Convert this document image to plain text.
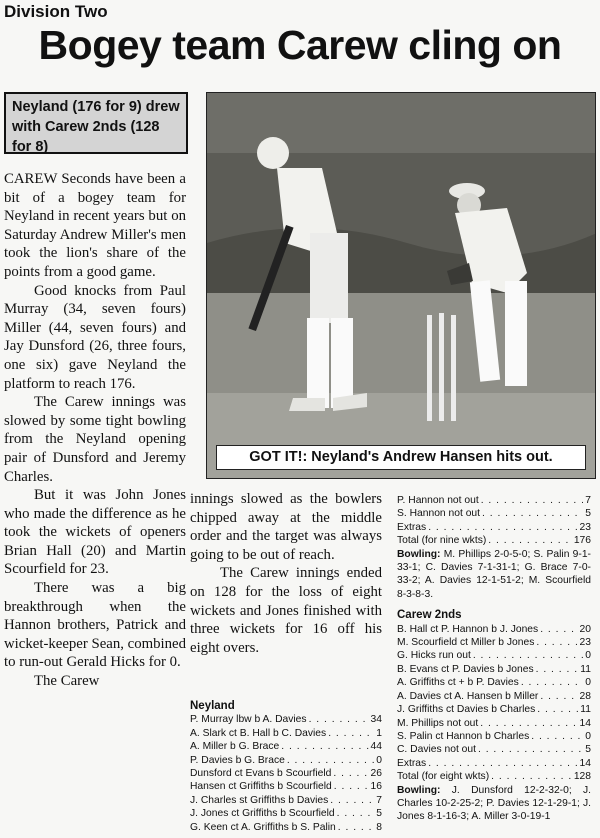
Division Two
Bogey team Carew cling on
Neyland (176 for 9) drew with Carew 2nds (128 for 8)
GOT IT!: Neyland's Andrew Hansen hits out.

CAREW Seconds have been a bit of a bogey team for Neyland in recent years but on Saturday Andrew Miller's men took the lion's share of the points from a good game.

Good knocks from Paul Murray (34, seven fours) Miller (44, seven fours) and Jay Dunsford (26, three fours, one six) gave Neyland the platform to reach 176.

The Carew innings was slowed by some tight bowling from the Neyland opening pair of Dunsford and Jeremy Charles.

But it was John Jones who made the difference as he took the wickets of openers Brian Hall (20) and Martin Scourfield for 23.

There was a big breakthrough when the Hannon brothers, Patrick and wicket-keeper Sean, combined to run-out Gerald Hicks for 0.

The Carew

innings slowed as the bowlers chipped away at the middle order and the target was always going to be out of reach.

The Carew innings ended on 128 for the loss of eight wickets and Jones finished with three wickets for 16 off his eight overs.

Neyland

P. Murray lbw b A. Davies . . .	34
A. Slark ct B. Hall b C. Davies . . .	1
A. Miller b G. Brace . . .	44
P. Davies b G. Brace . . .	0
Dunsford ct Evans b Scourfield . . .	26
Hansen ct Griffiths b Scourfield . . .	16
J. Charles st Griffiths b Davies . . .	7
J. Jones ct Griffiths b Scourfield . . .	5
G. Keen ct A. Griffiths b S. Palin . . .	8
P. Hannon not out . . .	7
S. Hannon not out . . .	5
Extras . . .	23
Total (for nine wkts) . . .	176

Bowling: M. Phillips 2-0-5-0; S. Palin 9-1-33-1; C. Davies 7-1-31-1; G. Brace 7-0-33-2; A. Davies 12-1-51-2; M. Scourfield 8-3-8-3.

Carew 2nds

B. Hall ct P. Hannon b J. Jones . . .	20
M. Scourfield ct Miller b Jones . . .	23
G. Hicks run out . . .	0
B. Evans ct P. Davies b Jones . . .	11
A. Griffiths ct + b P. Davies . . .	0
A. Davies ct A. Hansen b Miller . . .	28
J. Griffiths ct Davies b Charles . . .	11
M. Phillips not out . . .	14
S. Palin ct Hannon b Charles . . .	0
C. Davies not out . . .	5
Extras . . .	14
Total (for eight wkts) . . .	128

Bowling: J. Dunsford 12-2-32-0; J. Charles 10-2-25-2; P. Davies 12-1-29-1; J. Jones 8-1-16-3; A. Miller 3-0-19-1
